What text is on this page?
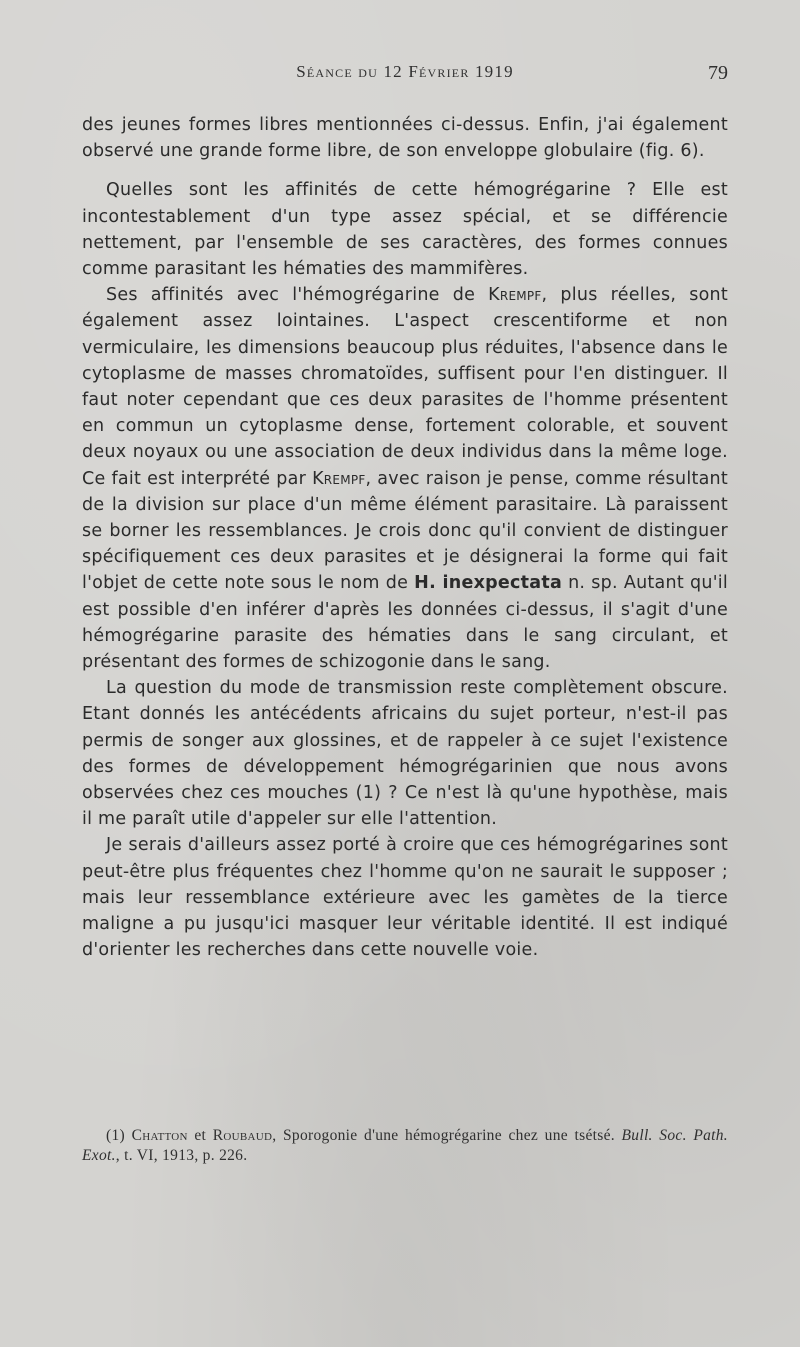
Séance du 12 Février 1919	79

des jeunes formes libres mentionnées ci-dessus. Enfin, j'ai également observé une grande forme libre, de son enveloppe globulaire (fig. 6).

Quelles sont les affinités de cette hémogrégarine ? Elle est incontestablement d'un type assez spécial, et se différencie nettement, par l'ensemble de ses caractères, des formes connues comme parasitant les hématies des mammifères.

Ses affinités avec l'hémogrégarine de Krempf, plus réelles, sont également assez lointaines. L'aspect crescentiforme et non vermiculaire, les dimensions beaucoup plus réduites, l'absence dans le cytoplasme de masses chromatoïdes, suffisent pour l'en distinguer. Il faut noter cependant que ces deux parasites de l'homme présentent en commun un cytoplasme dense, fortement colorable, et souvent deux noyaux ou une association de deux individus dans la même loge. Ce fait est interprété par Krempf, avec raison je pense, comme résultant de la division sur place d'un même élément parasitaire. Là paraissent se borner les ressemblances. Je crois donc qu'il convient de distinguer spécifiquement ces deux parasites et je désignerai la forme qui fait l'objet de cette note sous le nom de H. inexpectata n. sp. Autant qu'il est possible d'en inférer d'après les données ci-dessus, il s'agit d'une hémogrégarine parasite des hématies dans le sang circulant, et présentant des formes de schizogonie dans le sang.

La question du mode de transmission reste complètement obscure. Etant donnés les antécédents africains du sujet porteur, n'est-il pas permis de songer aux glossines, et de rappeler à ce sujet l'existence des formes de développement hémogrégarinien que nous avons observées chez ces mouches (1) ? Ce n'est là qu'une hypothèse, mais il me paraît utile d'appeler sur elle l'attention.

Je serais d'ailleurs assez porté à croire que ces hémogrégarines sont peut-être plus fréquentes chez l'homme qu'on ne saurait le supposer ; mais leur ressemblance extérieure avec les gamètes de la tierce maligne a pu jusqu'ici masquer leur véritable identité. Il est indiqué d'orienter les recherches dans cette nouvelle voie.

(1) Chatton et Roubaud, Sporogonie d'une hémogrégarine chez une tsétsé. Bull. Soc. Path. Exot., t. VI, 1913, p. 226.
